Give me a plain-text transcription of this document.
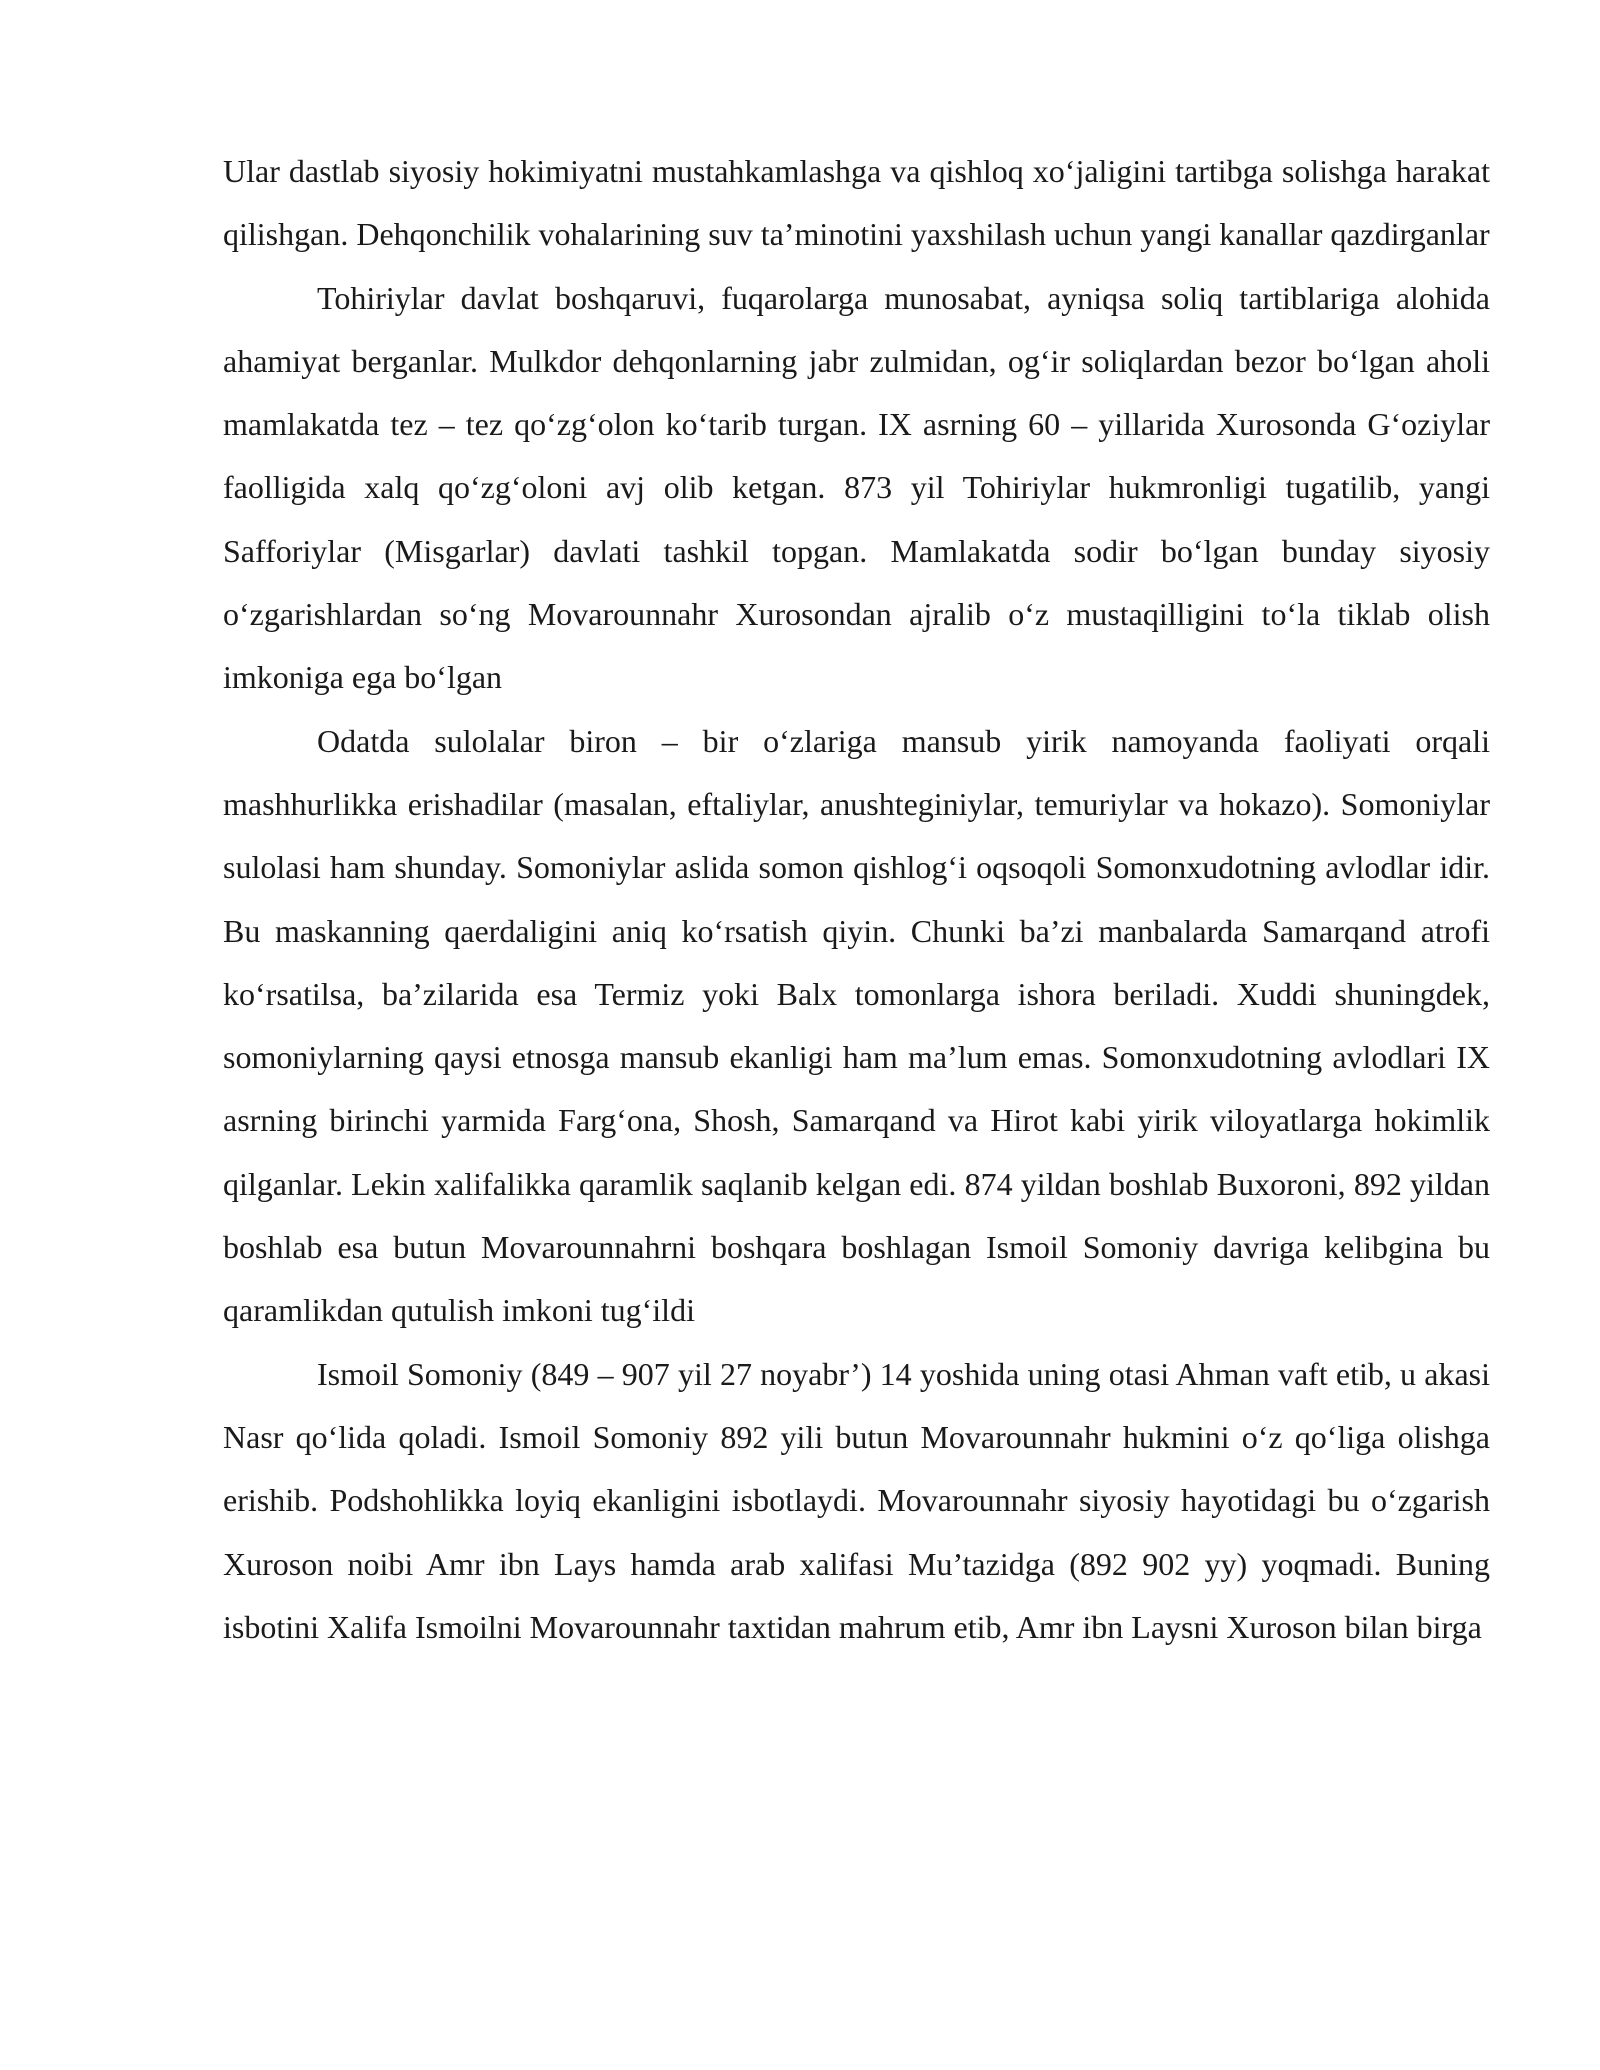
Ular dastlab siyosiy hokimiyatni mustahkamlashga va qishloq xo‘jaligini tartibga solishga harakat qilishgan. Dehqonchilik vohalarining suv ta’minotini yaxshilash uchun yangi kanallar qazdirganlar

Tohiriylar davlat boshqaruvi, fuqarolarga munosabat, ayniqsa soliq tartiblariga alohida ahamiyat berganlar. Mulkdor dehqonlarning jabr zulmidan, og‘ir soliqlardan bezor bo‘lgan aholi mamlakatda tez – tez qo‘zg‘olon ko‘tarib turgan. IX asrning 60 – yillarida Xurosonda G‘oziylar faolligida xalq qo‘zg‘oloni avj olib ketgan. 873 yil Tohiriylar hukmronligi tugatilib, yangi Safforiylar (Misgarlar) davlati tashkil topgan. Mamlakatda sodir bo‘lgan bunday siyosiy o‘zgarishlardan so‘ng Movarounnahr Xurosondan ajralib o‘z mustaqilligini to‘la tiklab olish imkoniga ega bo‘lgan

Odatda sulolalar biron – bir o‘zlariga mansub yirik namoyanda faoliyati orqali mashhurlikka erishadilar (masalan, eftaliylar, anushteginiylar, temuriylar va hokazo). Somoniylar sulolasi ham shunday. Somoniylar aslida somon qishlog‘i oqsoqoli Somonxudotning avlodlar idir. Bu maskanning qaerdaligini aniq ko‘rsatish qiyin. Chunki ba’zi manbalarda Samarqand atrofi ko‘rsatilsa, ba’zilarida esa Termiz yoki Balx tomonlarga ishora beriladi. Xuddi shuningdek, somoniylarning qaysi etnosga mansub ekanligi ham ma’lum emas. Somonxudotning avlodlari IX asrning birinchi yarmida Farg‘ona, Shosh, Samarqand va Hirot kabi yirik viloyatlarga hokimlik qilganlar. Lekin xalifalikka qaramlik saqlanib kelgan edi. 874 yildan boshlab Buxoroni, 892 yildan boshlab esa butun Movarounnahrni boshqara boshlagan Ismoil Somoniy davriga kelibgina bu qaramlikdan qutulish imkoni tug‘ildi

Ismoil Somoniy (849 – 907 yil 27 noyabr’) 14 yoshida uning otasi Ahman vaft etib, u akasi Nasr qo‘lida qoladi. Ismoil Somoniy 892 yili butun Movarounnahr hukmini o‘z qo‘liga olishga erishib. Podshohlikka loyiq ekanligini isbotlaydi. Movarounnahr siyosiy hayotidagi bu o‘zgarish Xuroson noibi Amr ibn Lays hamda arab xalifasi Mu’tazidga (892 902 yy) yoqmadi. Buning isbotini Xalifa Ismoilni Movarounnahr taxtidan mahrum etib, Amr ibn Laysni Xuroson bilan birga
